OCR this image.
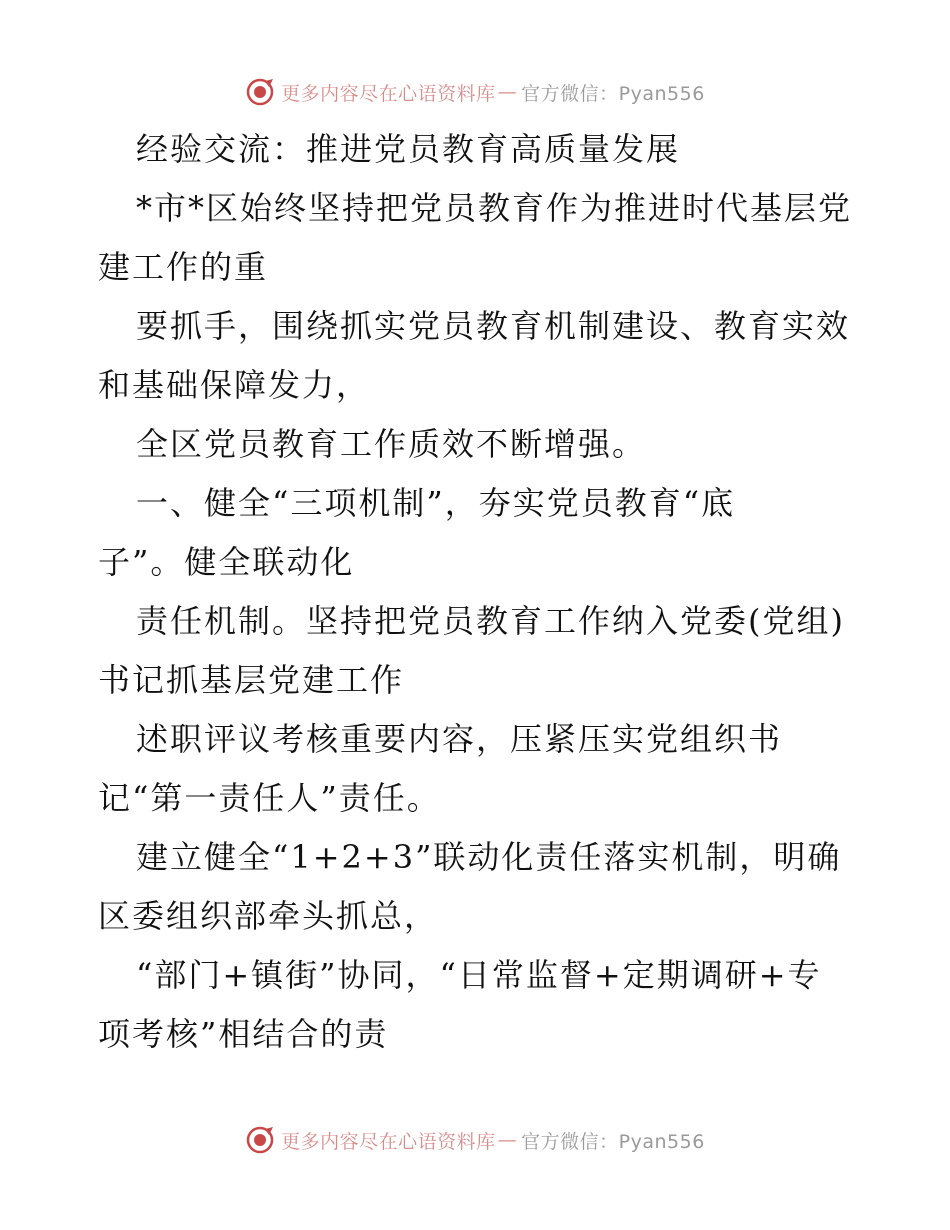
更多内容尽在心语资料库 — 官方微信：Pyan556
经验交流：推进党员教育高质量发展
*市*区始终坚持把党员教育作为推进时代基层党
建工作的重
要抓手，围绕抓实党员教育机制建设、教育实效
和基础保障发力，
全区党员教育工作质效不断增强。
一、健全“三项机制”，夯实党员教育“底
子”。健全联动化
责任机制。坚持把党员教育工作纳入党委(党组)
书记抓基层党建工作
述职评议考核重要内容，压紧压实党组织书
记“第一责任人”责任。
建立健全“1+2+3”联动化责任落实机制，明确
区委组织部牵头抓总，
“部门+镇街”协同，“日常监督+定期调研+专
项考核”相结合的责
更多内容尽在心语资料库 — 官方微信：Pyan556
